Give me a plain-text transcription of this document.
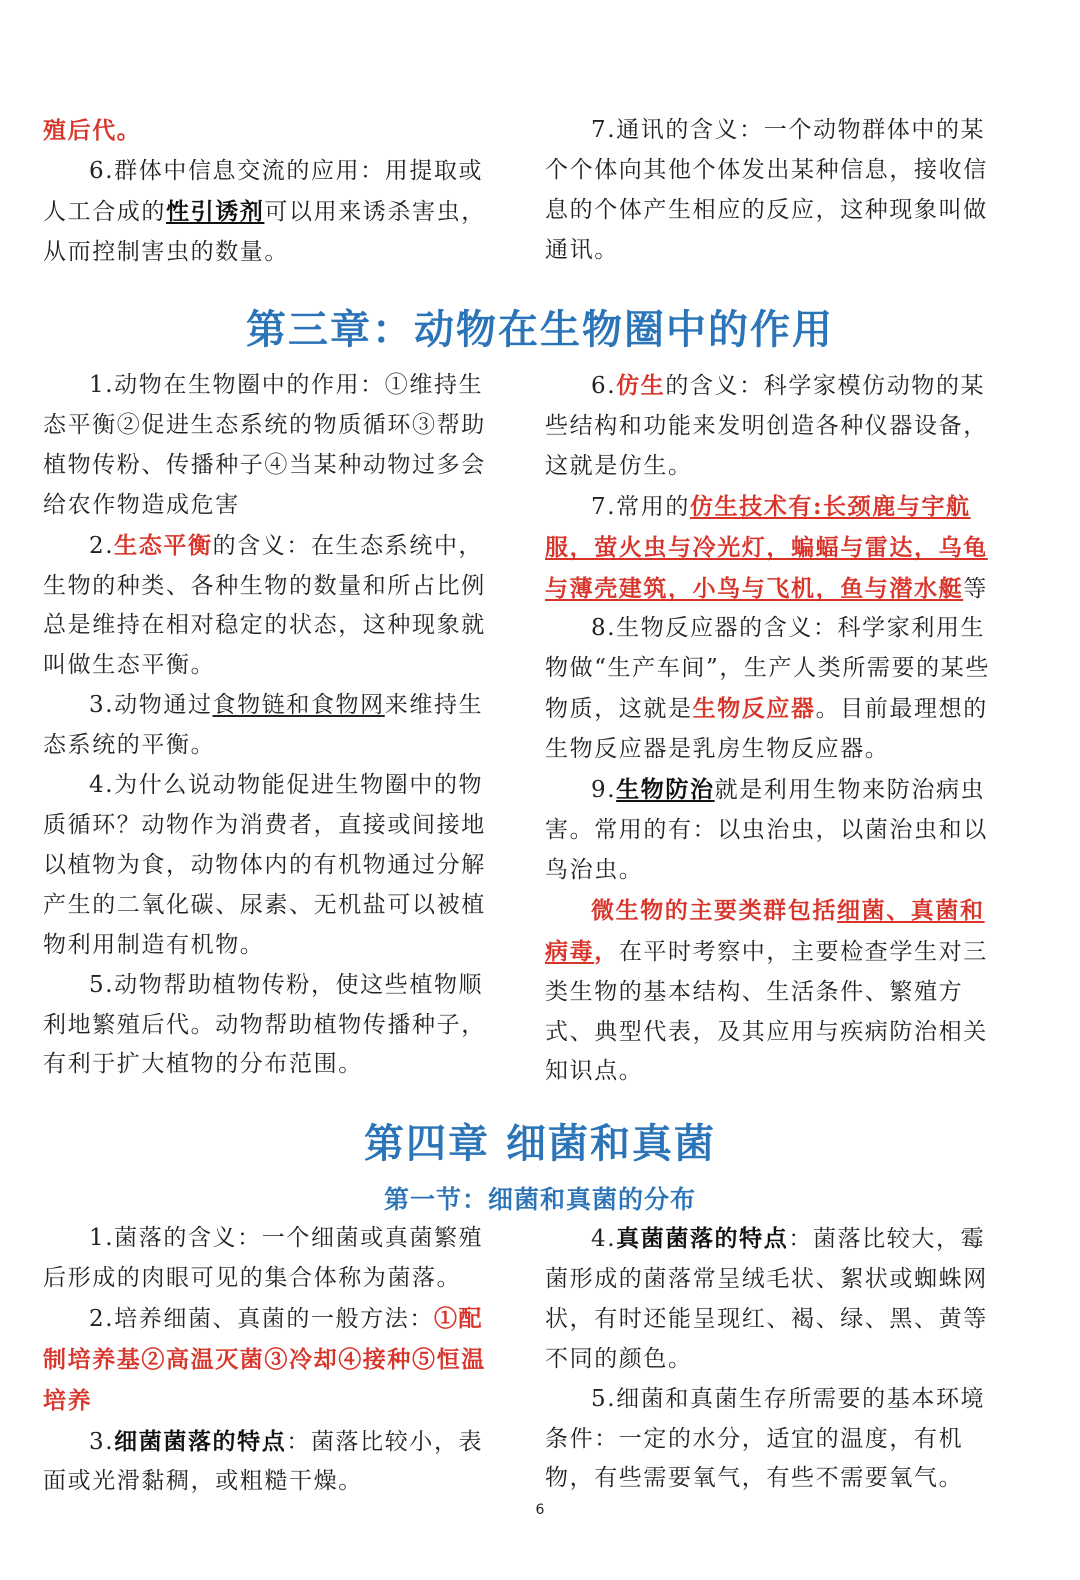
殖后代。

6.群体中信息交流的应用：用提取或人工合成的性引诱剂可以用来诱杀害虫，从而控制害虫的数量。

7.通讯的含义：一个动物群体中的某个个体向其他个体发出某种信息，接收信息的个体产生相应的反应，这种现象叫做通讯。

第三章：动物在生物圈中的作用

1.动物在生物圈中的作用：①维持生态平衡②促进生态系统的物质循环③帮助植物传粉、传播种子④当某种动物过多会给农作物造成危害

2.生态平衡的含义：在生态系统中，生物的种类、各种生物的数量和所占比例总是维持在相对稳定的状态，这种现象就叫做生态平衡。

3.动物通过食物链和食物网来维持生态系统的平衡。

4.为什么说动物能促进生物圈中的物质循环？动物作为消费者，直接或间接地以植物为食，动物体内的有机物通过分解产生的二氧化碳、尿素、无机盐可以被植物利用制造有机物。

5.动物帮助植物传粉，使这些植物顺利地繁殖后代。动物帮助植物传播种子，有利于扩大植物的分布范围。

6.仿生的含义：科学家模仿动物的某些结构和功能来发明创造各种仪器设备，这就是仿生。

7.常用的仿生技术有:长颈鹿与宇航服，萤火虫与冷光灯，蝙蝠与雷达，乌龟与薄壳建筑，小鸟与飞机，鱼与潜水艇等

8.生物反应器的含义：科学家利用生物做“生产车间”，生产人类所需要的某些物质，这就是生物反应器。目前最理想的生物反应器是乳房生物反应器。

9.生物防治就是利用生物来防治病虫害。常用的有：以虫治虫，以菌治虫和以鸟治虫。

微生物的主要类群包括细菌、真菌和病毒，在平时考察中，主要检查学生对三类生物的基本结构、生活条件、繁殖方式、典型代表，及其应用与疾病防治相关知识点。

第四章 细菌和真菌
第一节：细菌和真菌的分布

1.菌落的含义：一个细菌或真菌繁殖后形成的肉眼可见的集合体称为菌落。

2.培养细菌、真菌的一般方法：①配制培养基②高温灭菌③冷却④接种⑤恒温培养

3.细菌菌落的特点：菌落比较小，表面或光滑黏稠，或粗糙干燥。

4.真菌菌落的特点：菌落比较大，霉菌形成的菌落常呈绒毛状、絮状或蜘蛛网状，有时还能呈现红、褐、绿、黑、黄等不同的颜色。

5.细菌和真菌生存所需要的基本环境条件：一定的水分，适宜的温度，有机物，有些需要氧气，有些不需要氧气。

6
